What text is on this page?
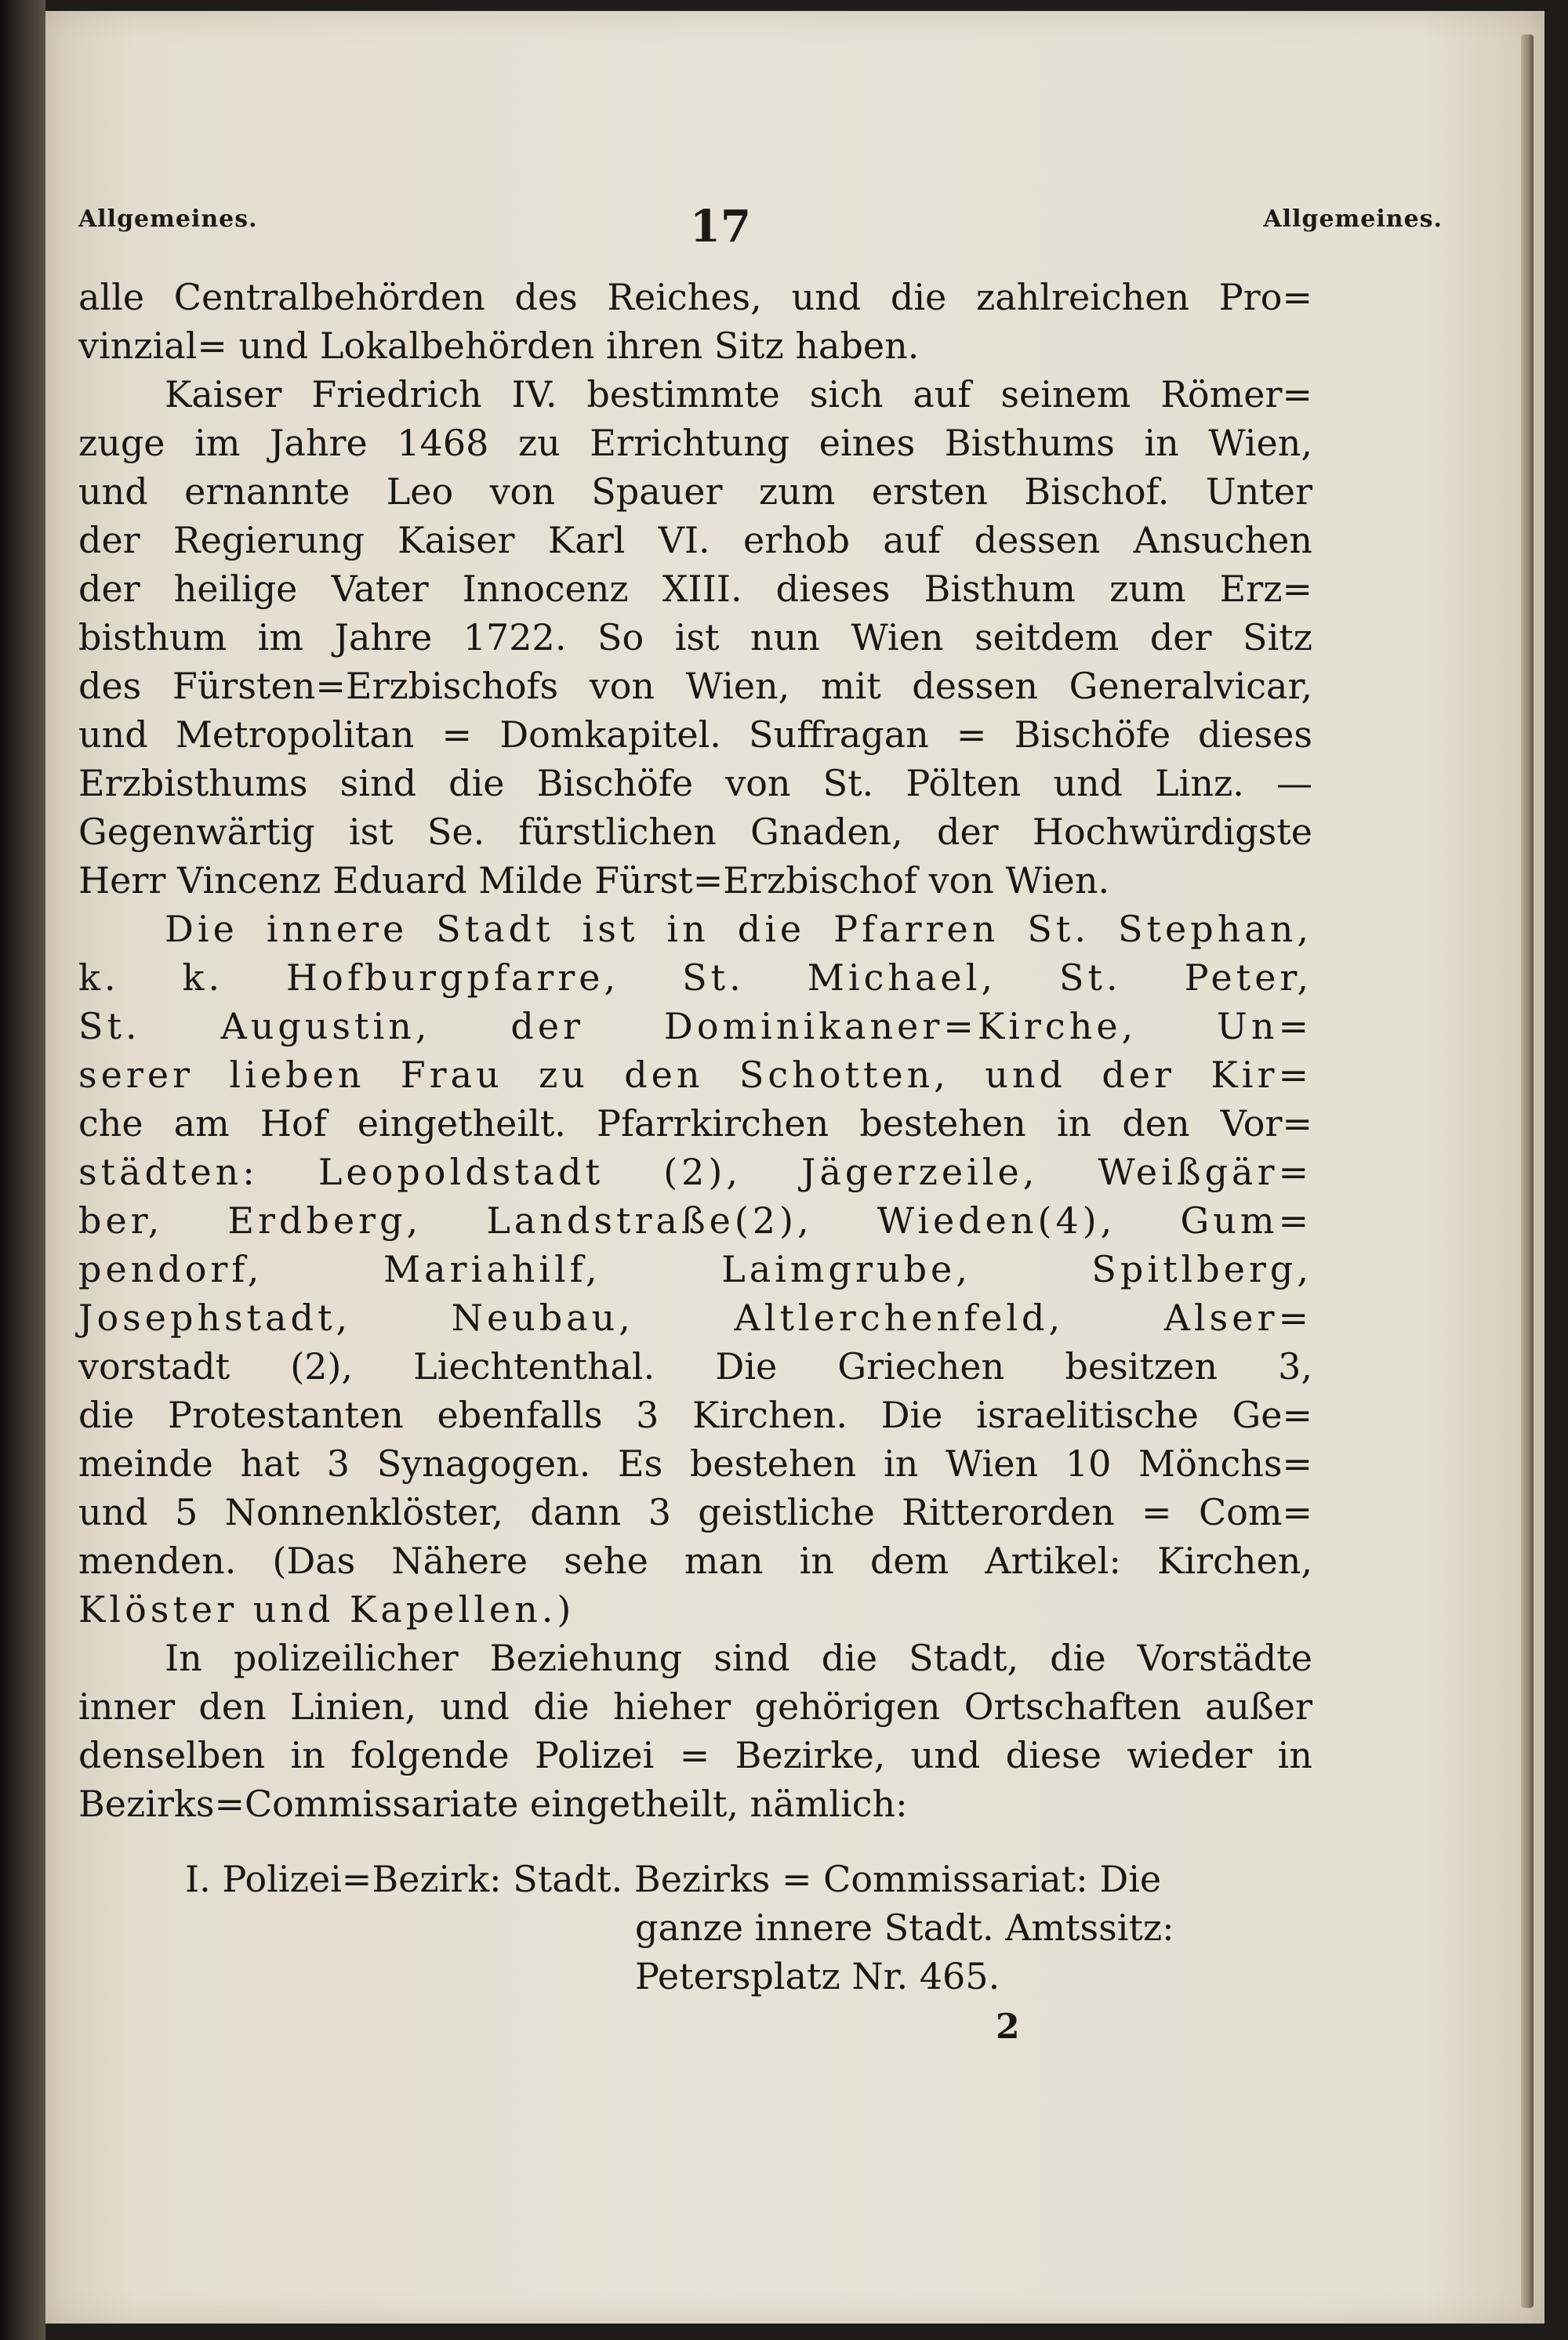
Allgemeines.	17	Allgemeines.
alle Centralbehörden des Reiches, und die zahlreichen Pro=
vinzial= und Lokalbehörden ihren Sitz haben.
Kaiser Friedrich IV. bestimmte sich auf seinem Römer=
zuge im Jahre 1468 zu Errichtung eines Bisthums in Wien,
und ernannte Leo von Spauer zum ersten Bischof. Unter
der Regierung Kaiser Karl VI. erhob auf dessen Ansuchen
der heilige Vater Innocenz XIII. dieses Bisthum zum Erz=
bisthum im Jahre 1722. So ist nun Wien seitdem der Sitz
des Fürsten=Erzbischofs von Wien, mit dessen Generalvicar,
und Metropolitan = Domkapitel. Suffragan = Bischöfe dieses
Erzbisthums sind die Bischöfe von St. Pölten und Linz. —
Gegenwärtig ist Se. fürstlichen Gnaden, der Hochwürdigste
Herr Vincenz Eduard Milde Fürst=Erzbischof von Wien.
Die innere Stadt ist in die Pfarren St. Stephan,
k. k. Hofburgpfarre, St. Michael, St. Peter,
St. Augustin, der Dominikaner=Kirche, Un=
serer lieben Frau zu den Schotten, und der Kir=
che am Hof eingetheilt. Pfarrkirchen bestehen in den Vor=
städten: Leopoldstadt (2), Jägerzeile, Weißgär=
ber, Erdberg, Landstraße(2), Wieden(4), Gum=
pendorf, Mariahilf, Laimgrube, Spitlberg,
Josephstadt, Neubau, Altlerchenfeld, Alser=
vorstadt (2), Liechtenthal. Die Griechen besitzen 3,
die Protestanten ebenfalls 3 Kirchen. Die israelitische Ge=
meinde hat 3 Synagogen. Es bestehen in Wien 10 Mönchs=
und 5 Nonnenklöster, dann 3 geistliche Ritterorden = Com=
menden. (Das Nähere sehe man in dem Artikel: Kirchen,
Klöster und Kapellen.)
In polizeilicher Beziehung sind die Stadt, die Vorstädte
inner den Linien, und die hieher gehörigen Ortschaften außer
denselben in folgende Polizei = Bezirke, und diese wieder in
Bezirks=Commissariate eingetheilt, nämlich:
I. Polizei=Bezirk: Stadt. Bezirks = Commissariat: Die
ganze innere Stadt. Amtssitz:
Petersplatz Nr. 465.
2
